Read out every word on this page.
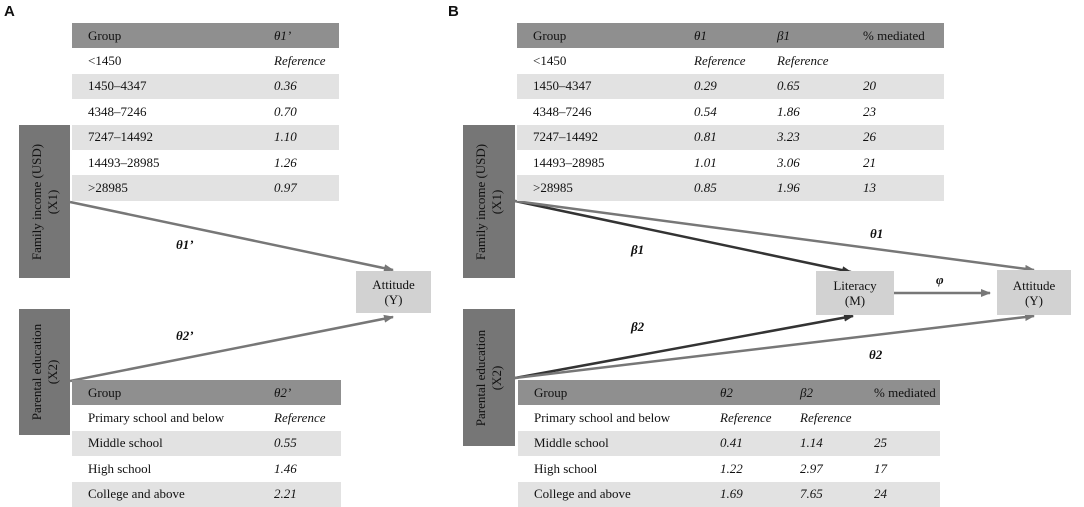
A
Group	θ1’
<1450	Reference
1450–4347	0.36
4348–7246	0.70
7247–14492	1.10
14493–28985	1.26
>28985	0.97
Family income (USD) (X1)
Parental education (X2)
Attitude
(Y)
θ1’
θ2’
Group	θ2’
Primary school and below	Reference
Middle school	0.55
High school	1.46
College and above	2.21
B
Group	θ1	β1	% mediated
<1450	Reference	Reference	
1450–4347	0.29	0.65	20
4348–7246	0.54	1.86	23
7247–14492	0.81	3.23	26
14493–28985	1.01	3.06	21
>28985	0.85	1.96	13
Family income (USD) (X1)
Parental education (X2)
Literacy
(M)
Attitude
(Y)
β1
θ1
φ
β2
θ2
Group	θ2	β2	% mediated
Primary school and below	Reference	Reference	
Middle school	0.41	1.14	25
High school	1.22	2.97	17
College and above	1.69	7.65	24
